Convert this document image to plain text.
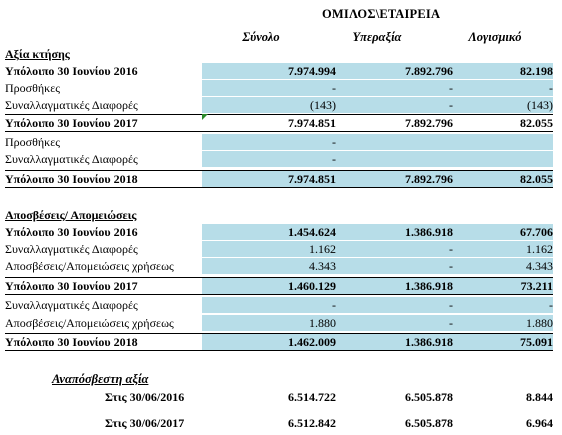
ΟΜΙΛΟΣ\ΕΤΑΙΡΕΙΑ
Σύνολο	Υπεραξία	Λογισμικό
Αξία κτήσης
Υπόλοιπο 30 Ιουνίου 2016	7.974.994	7.892.796	82.198
Προσθήκες	-	-	-
Συναλλαγματικές Διαφορές	(143)	-	(143)
Υπόλοιπο 30 Ιουνίου 2017	7.974.851	7.892.796	82.055
Προσθήκες	-
Συναλλαγματικές Διαφορές	-
Υπόλοιπο 30 Ιουνίου 2018	7.974.851	7.892.796	82.055
Αποσβέσεις/ Απομειώσεις
Υπόλοιπο 30 Ιουνίου 2016	1.454.624	1.386.918	67.706
Συναλλαγματικές Διαφορές	1.162	-	1.162
Αποσβέσεις/Απομειώσεις χρήσεως	4.343	-	4.343
Υπόλοιπο 30 Ιουνίου 2017	1.460.129	1.386.918	73.211
Συναλλαγματικές Διαφορές	-	-	-
Αποσβέσεις/Απομειώσεις χρήσεως	1.880	-	1.880
Υπόλοιπο 30 Ιουνίου 2018	1.462.009	1.386.918	75.091
Αναπόσβεστη αξία
Στις 30/06/2016	6.514.722	6.505.878	8.844
Στις 30/06/2017	6.512.842	6.505.878	6.964
